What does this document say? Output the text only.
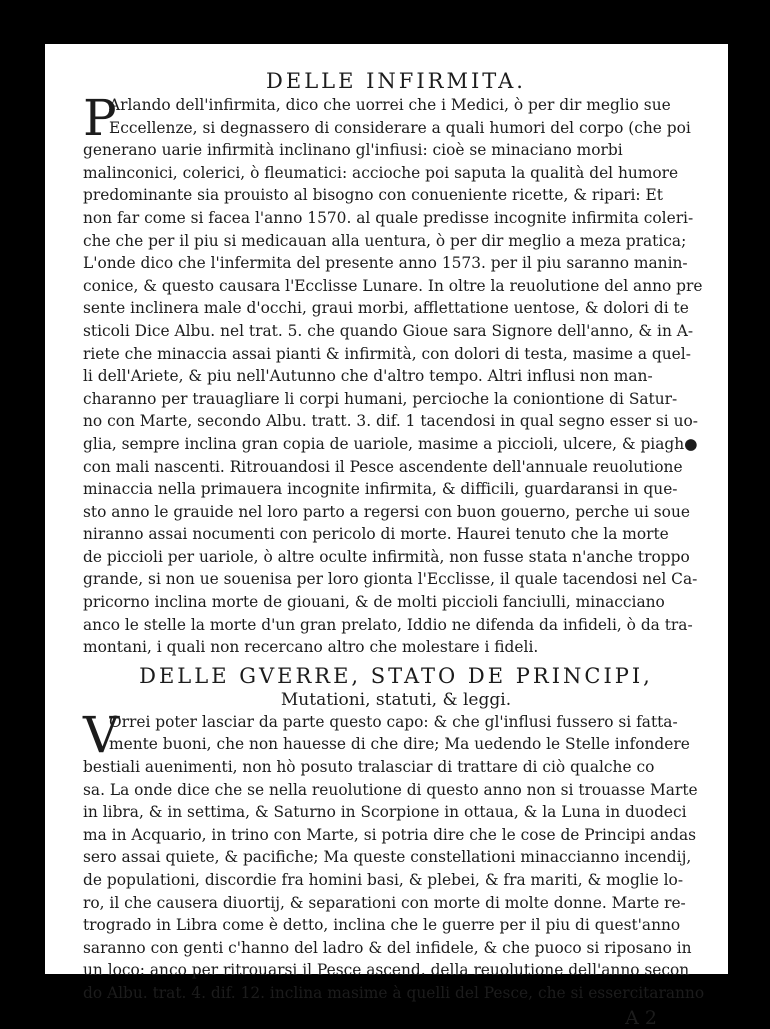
DELLE INFIRMITA.

P
Arlando dell'infirmita, dico che uorrei che i Medici, ò per dir meglio sue
Eccellenze, si degnassero di considerare a quali humori del corpo (che poi
generano uarie infirmità inclinano gl'infiusi: cioè se minaciano morbi
malinconici, colerici, ò fleumatici: accioche poi saputa la qualità del humore
predominante sia prouisto al bisogno con conueniente ricette, & ripari: Et
non far come si facea l'anno 1570. al quale predisse incognite infirmita colerі-
che che per il piu si medicauan alla uentura, ò per dir meglio a meza pratica;
L'onde dico che l'infermita del presente anno 1573. per il piu saranno manin-
conice, & questo causara l'Ecclisse Lunare. In oltre la reuolutione del anno pre
sente inclinera male d'occhi, graui morbi, afflettatione uentose, & dolori di te
sticoli Dice Albu. nel trat. 5. che quando Gioue sara Signore dell'anno, & in A-
riete che minaccia assai pianti & infirmità, con dolori di testa, masime a quel-
li dell'Ariete, & piu nell'Autunno che d'altro tempo. Altri influsi non man-
charanno per trauagliare li corpi humani, percioche la coniontione di Satur-
no con Marte, secondo Albu. tratt. 3. dif. 1 tacendosi in qual segno esser si uo-
glia, sempre inclina gran copia de uariole, masime a piccioli, ulcere, & piagh●
con mali nascenti. Ritrouandosi il Pesce ascendente dell'annuale reuolutione
minaccia nella primauera incognite infirmita, & difficili, guardaransi in que-
sto anno le grauide nel loro parto a regersi con buon gouerno, perche ui soue
niranno assai nocumenti con pericolo di morte. Haurei tenuto che la morte
de piccioli per uariole, ò altre oculte infirmità, non fusse stata n'anche troppo
grande, si non ue souenisa per loro gionta l'Ecclisse, il quale tacendosi nel Ca-
pricorno inclina morte de giouani, & de molti piccioli fanciulli, minacciano
anco le stelle la morte d'un gran prelato, Iddio ne difenda da infideli, ò da tra-
montani, i quali non recercano altro che molestare i fideli.

DELLE GVERRE, STATO DE PRINCIPI,

Mutationi, statuti, & leggi.

V
Orrei poter lasciar da parte questo capo: & che gl'influsi fussero si fatta-
mente buoni, che non hauesse di che dire; Ma uedendo le Stelle infondere
bestiali auenimenti, non hò posuto tralasciar di trattare di ciò qualche co
sa. La onde dice che se nella reuolutione di questo anno non si trouasse Marte
in libra, & in settima, & Saturno in Scorpione in ottaua, & la Luna in duodeci
ma in Acquario, in trino con Marte, si potria dire che le cose de Principi andas
sero assai quiete, & pacifiche; Ma queste constellationi minaccianno incendij,
de populationi, discordie fra homini basi, & plebei, & fra mariti, & moglie lo-
ro, il che causera diuortij, & separationi con morte di molte donne. Marte re-
trogrado in Libra come è detto, inclina che le guerre per il piu di quest'anno
saranno con genti c'hanno del ladro & del infidele, & che puoco si riposano in
un loco: anco per ritrouarsi il Pesce ascend. della reuolutione dell'anno secon
do Albu. trat. 4. dif. 12. inclina masime à quelli del Pesce, che si essercitaranno
A 2
